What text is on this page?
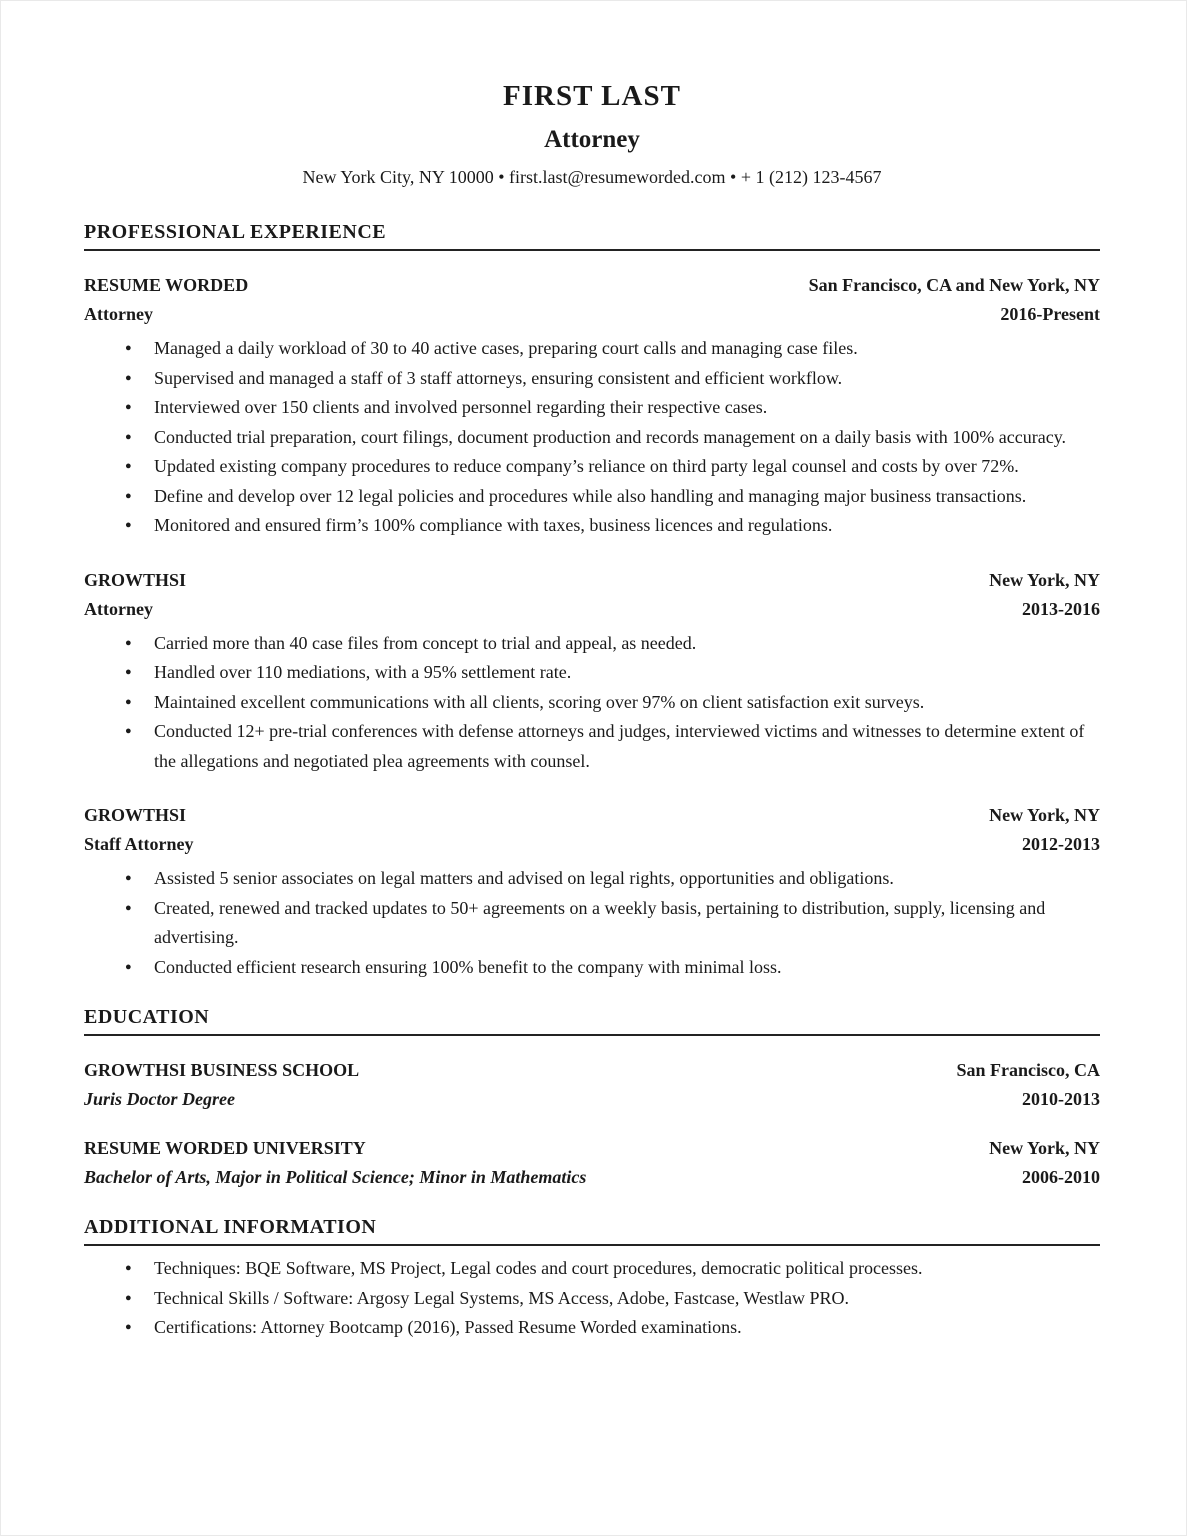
FIRST LAST
Attorney

New York City, NY 10000 • first.last@resumeworded.com • + 1 (212) 123-4567

PROFESSIONAL EXPERIENCE
RESUME WORDED	San Francisco, CA and New York, NY
Attorney	2016-Present
● Managed a daily workload of 30 to 40 active cases, preparing court calls and managing case files.
● Supervised and managed a staff of 3 staff attorneys, ensuring consistent and efficient workflow.
● Interviewed over 150 clients and involved personnel regarding their respective cases.
● Conducted trial preparation, court filings, document production and records management on a daily basis with 100% accuracy.
● Updated existing company procedures to reduce company’s reliance on third party legal counsel and costs by over 72%.
● Define and develop over 12 legal policies and procedures while also handling and managing major business transactions.
● Monitored and ensured firm’s 100% compliance with taxes, business licences and regulations.
GROWTHSI	New York, NY
Attorney	2013-2016
● Carried more than 40 case files from concept to trial and appeal, as needed.
● Handled over 110 mediations, with a 95% settlement rate.
● Maintained excellent communications with all clients, scoring over 97% on client satisfaction exit surveys.
● Conducted 12+ pre-trial conferences with defense attorneys and judges, interviewed victims and witnesses to determine extent of the allegations and negotiated plea agreements with counsel.
GROWTHSI	New York, NY
Staff Attorney	2012-2013
● Assisted 5 senior associates on legal matters and advised on legal rights, opportunities and obligations.
● Created, renewed and tracked updates to 50+ agreements on a weekly basis, pertaining to distribution, supply, licensing and advertising.
● Conducted efficient research ensuring 100% benefit to the company with minimal loss.
EDUCATION
GROWTHSI BUSINESS SCHOOL	San Francisco, CA
Juris Doctor Degree	2010-2013
RESUME WORDED UNIVERSITY	New York, NY
Bachelor of Arts, Major in Political Science; Minor in Mathematics	2006-2010
ADDITIONAL INFORMATION
● Techniques: BQE Software, MS Project, Legal codes and court procedures, democratic political processes.
● Technical Skills / Software: Argosy Legal Systems, MS Access, Adobe, Fastcase, Westlaw PRO.
● Certifications: Attorney Bootcamp (2016), Passed Resume Worded examinations.
